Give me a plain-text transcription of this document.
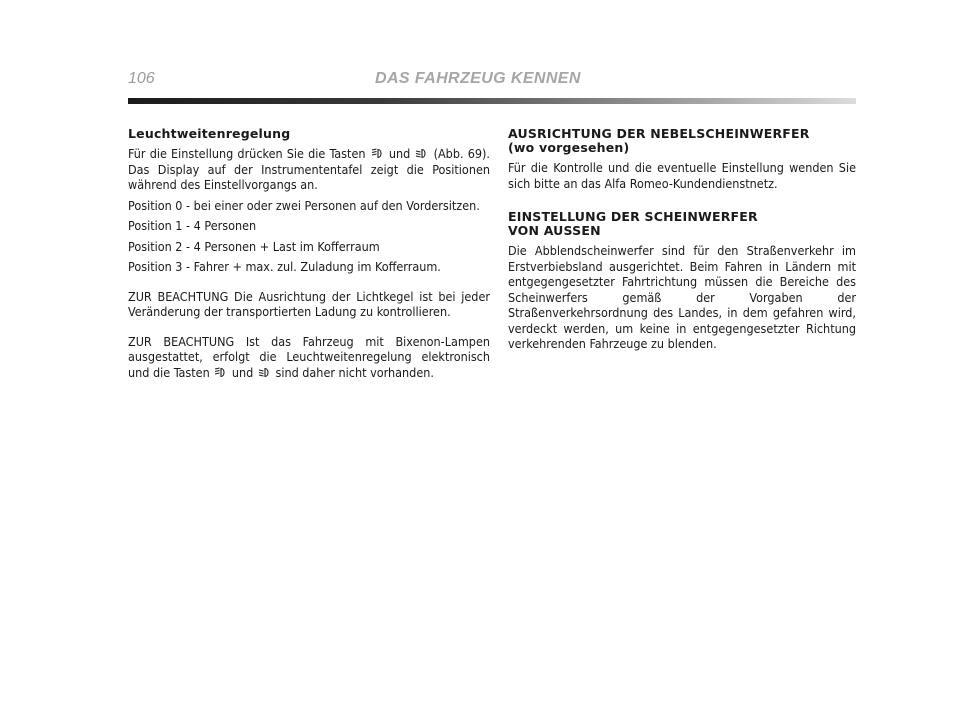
106	DAS FAHRZEUG KENNEN
Leuchtweitenregelung

Für die Einstellung drücken Sie die Tasten und (Abb. 69). Das Display auf der Instrumententafel zeigt die Positionen während des Einstellvorgangs an.

Position 0 - bei einer oder zwei Personen auf den Vordersitzen.

Position 1 - 4 Personen

Position 2 - 4 Personen + Last im Kofferraum

Position 3 - Fahrer + max. zul. Zuladung im Kofferraum.

ZUR BEACHTUNG Die Ausrichtung der Lichtkegel ist bei jeder Veränderung der transportierten Ladung zu kontrollieren.

ZUR BEACHTUNG Ist das Fahrzeug mit Bixenon-Lampen ausgestattet, erfolgt die Leuchtweitenregelung elektronisch und die Tasten und sind daher nicht vorhanden.

AUSRICHTUNG DER NEBELSCHEINWERFER
(wo vorgesehen)

Für die Kontrolle und die eventuelle Einstellung wenden Sie sich bitte an das Alfa Romeo-Kundendienstnetz.

EINSTELLUNG DER SCHEINWERFER
VON AUSSEN

Die Abblendscheinwerfer sind für den Straßenverkehr im Erstverbiebsland ausgerichtet. Beim Fahren in Ländern mit entgegengesetzter Fahrtrichtung müssen die Bereiche des Scheinwerfers gemäß der Vorgaben der Straßenverkehrsordnung des Landes, in dem gefahren wird, verdeckt werden, um keine in entgegengesetzter Richtung verkehrenden Fahrzeuge zu blenden.
